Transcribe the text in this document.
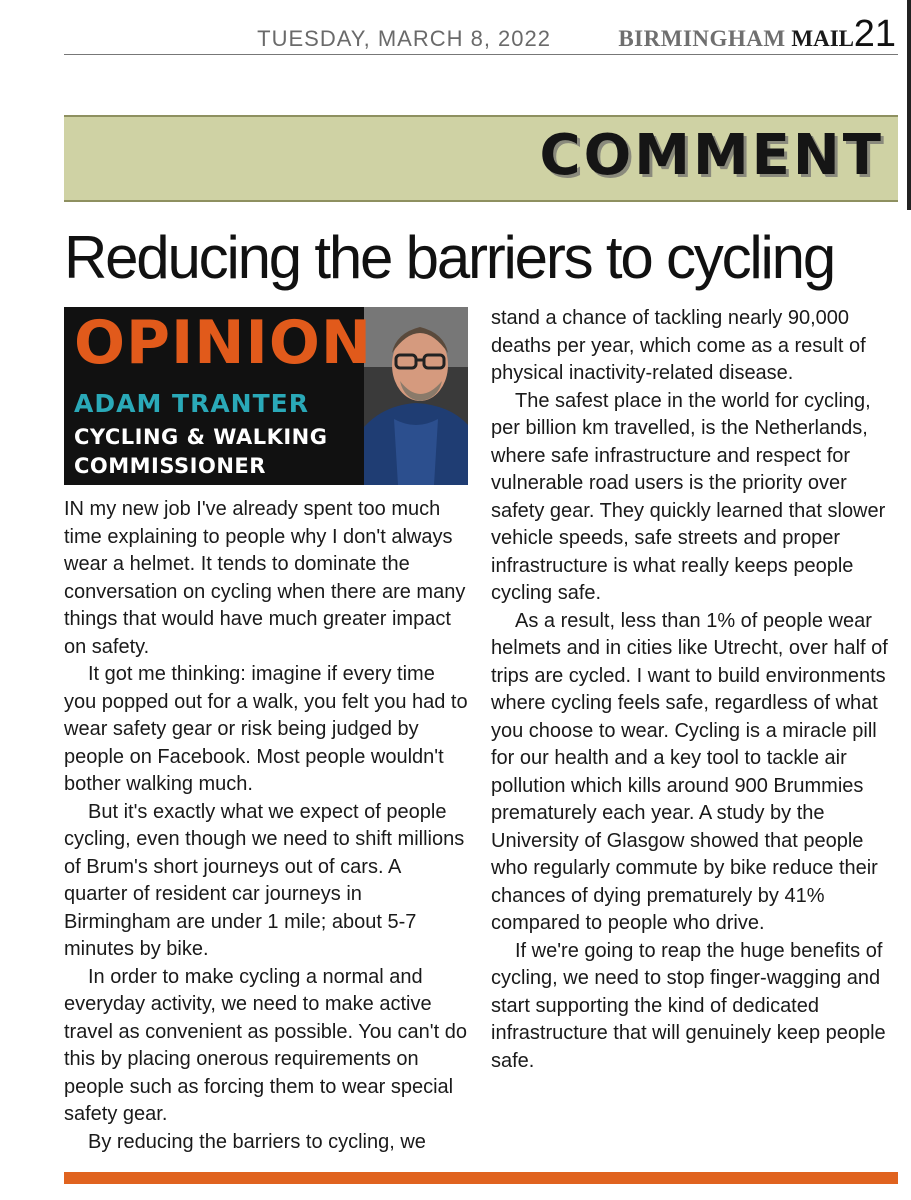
TUESDAY, MARCH 8, 2022	BIRMINGHAM MAIL 21
COMMENT
Reducing the barriers to cycling
OPINION
ADAM TRANTER
CYCLING & WALKING
COMMISSIONER

IN my new job I've already spent too much time explaining to people why I don't always wear a helmet. It tends to dominate the conversation on cycling when there are many things that would have much greater impact on safety.

It got me thinking: imagine if every time you popped out for a walk, you felt you had to wear safety gear or risk being judged by people on Facebook. Most people wouldn't bother walking much.

But it's exactly what we expect of people cycling, even though we need to shift millions of Brum's short journeys out of cars. A quarter of resident car journeys in Birmingham are under 1 mile; about 5-7 minutes by bike.

In order to make cycling a normal and everyday activity, we need to make active travel as convenient as possible. You can't do this by placing onerous requirements on people such as forcing them to wear special safety gear.

By reducing the barriers to cycling, we

stand a chance of tackling nearly 90,000 deaths per year, which come as a result of physical inactivity-related disease.

The safest place in the world for cycling, per billion km travelled, is the Netherlands, where safe infrastructure and respect for vulnerable road users is the priority over safety gear. They quickly learned that slower vehicle speeds, safe streets and proper infrastructure is what really keeps people cycling safe.

As a result, less than 1% of people wear helmets and in cities like Utrecht, over half of trips are cycled. I want to build environments where cycling feels safe, regardless of what you choose to wear. Cycling is a miracle pill for our health and a key tool to tackle air pollution which kills around 900 Brummies prematurely each year. A study by the University of Glasgow showed that people who regularly commute by bike reduce their chances of dying prematurely by 41% compared to people who drive.

If we're going to reap the huge benefits of cycling, we need to stop finger-wagging and start supporting the kind of dedicated infrastructure that will genuinely keep people safe.
